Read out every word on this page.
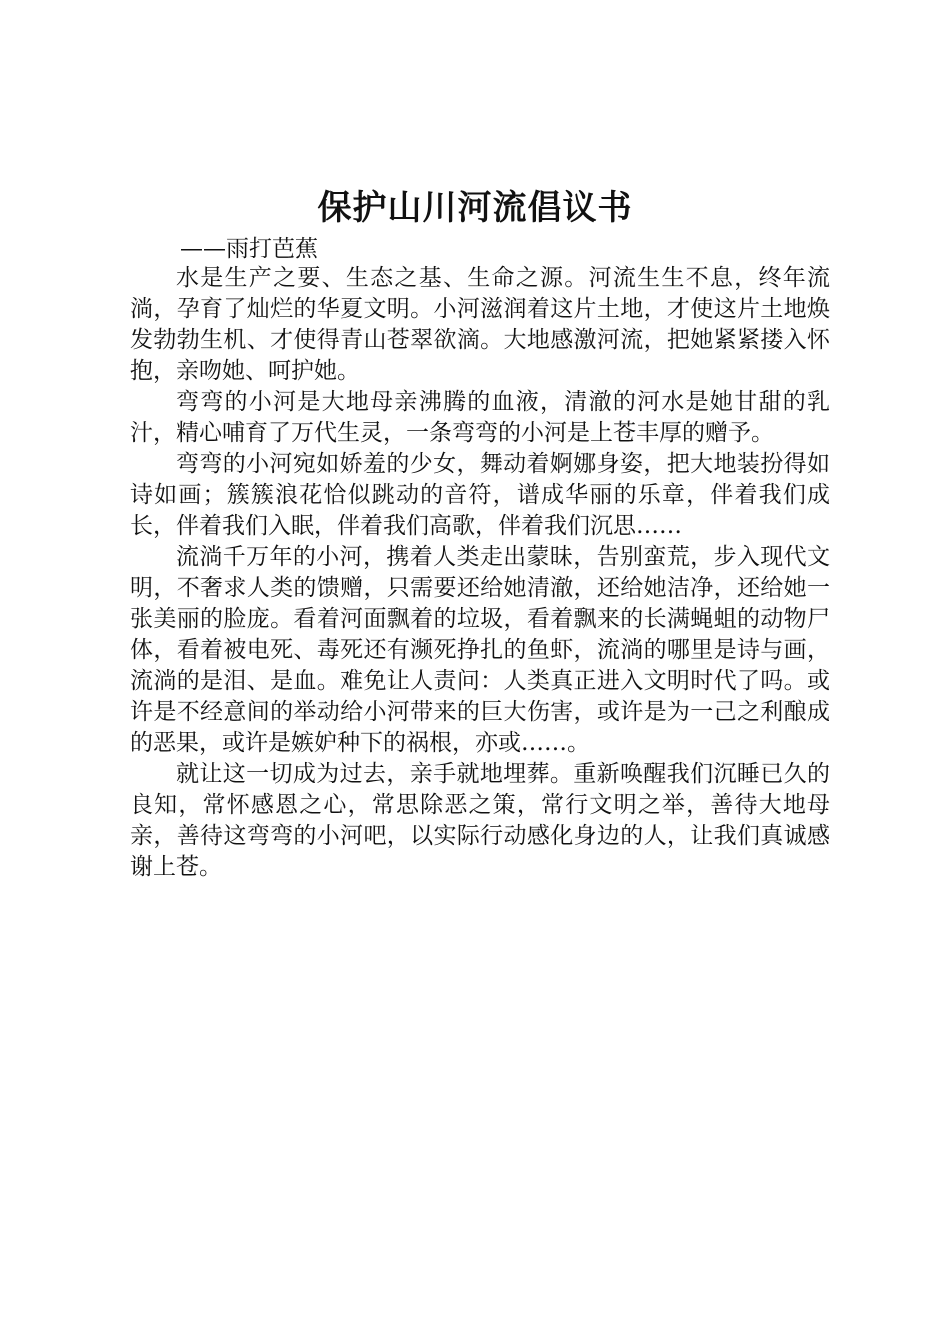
保护山川河流倡议书

——雨打芭蕉

水是生产之要、生态之基、生命之源。河流生生不息，终年流淌，孕育了灿烂的华夏文明。小河滋润着这片土地，才使这片土地焕发勃勃生机、才使得青山苍翠欲滴。大地感激河流，把她紧紧搂入怀抱，亲吻她、呵护她。

弯弯的小河是大地母亲沸腾的血液，清澈的河水是她甘甜的乳汁，精心哺育了万代生灵，一条弯弯的小河是上苍丰厚的赠予。

弯弯的小河宛如娇羞的少女，舞动着婀娜身姿，把大地装扮得如诗如画；簇簇浪花恰似跳动的音符，谱成华丽的乐章，伴着我们成长，伴着我们入眠，伴着我们高歌，伴着我们沉思……

流淌千万年的小河，携着人类走出蒙昧，告别蛮荒，步入现代文明，不奢求人类的馈赠，只需要还给她清澈，还给她洁净，还给她一张美丽的脸庞。看着河面飘着的垃圾，看着飘来的长满蝇蛆的动物尸体，看着被电死、毒死还有濒死挣扎的鱼虾，流淌的哪里是诗与画，流淌的是泪、是血。难免让人责问：人类真正进入文明时代了吗。或许是不经意间的举动给小河带来的巨大伤害，或许是为一己之利酿成的恶果，或许是嫉妒种下的祸根，亦或……。

就让这一切成为过去，亲手就地埋葬。重新唤醒我们沉睡已久的良知，常怀感恩之心，常思除恶之策，常行文明之举，善待大地母亲，善待这弯弯的小河吧，以实际行动感化身边的人，让我们真诚感谢上苍。
